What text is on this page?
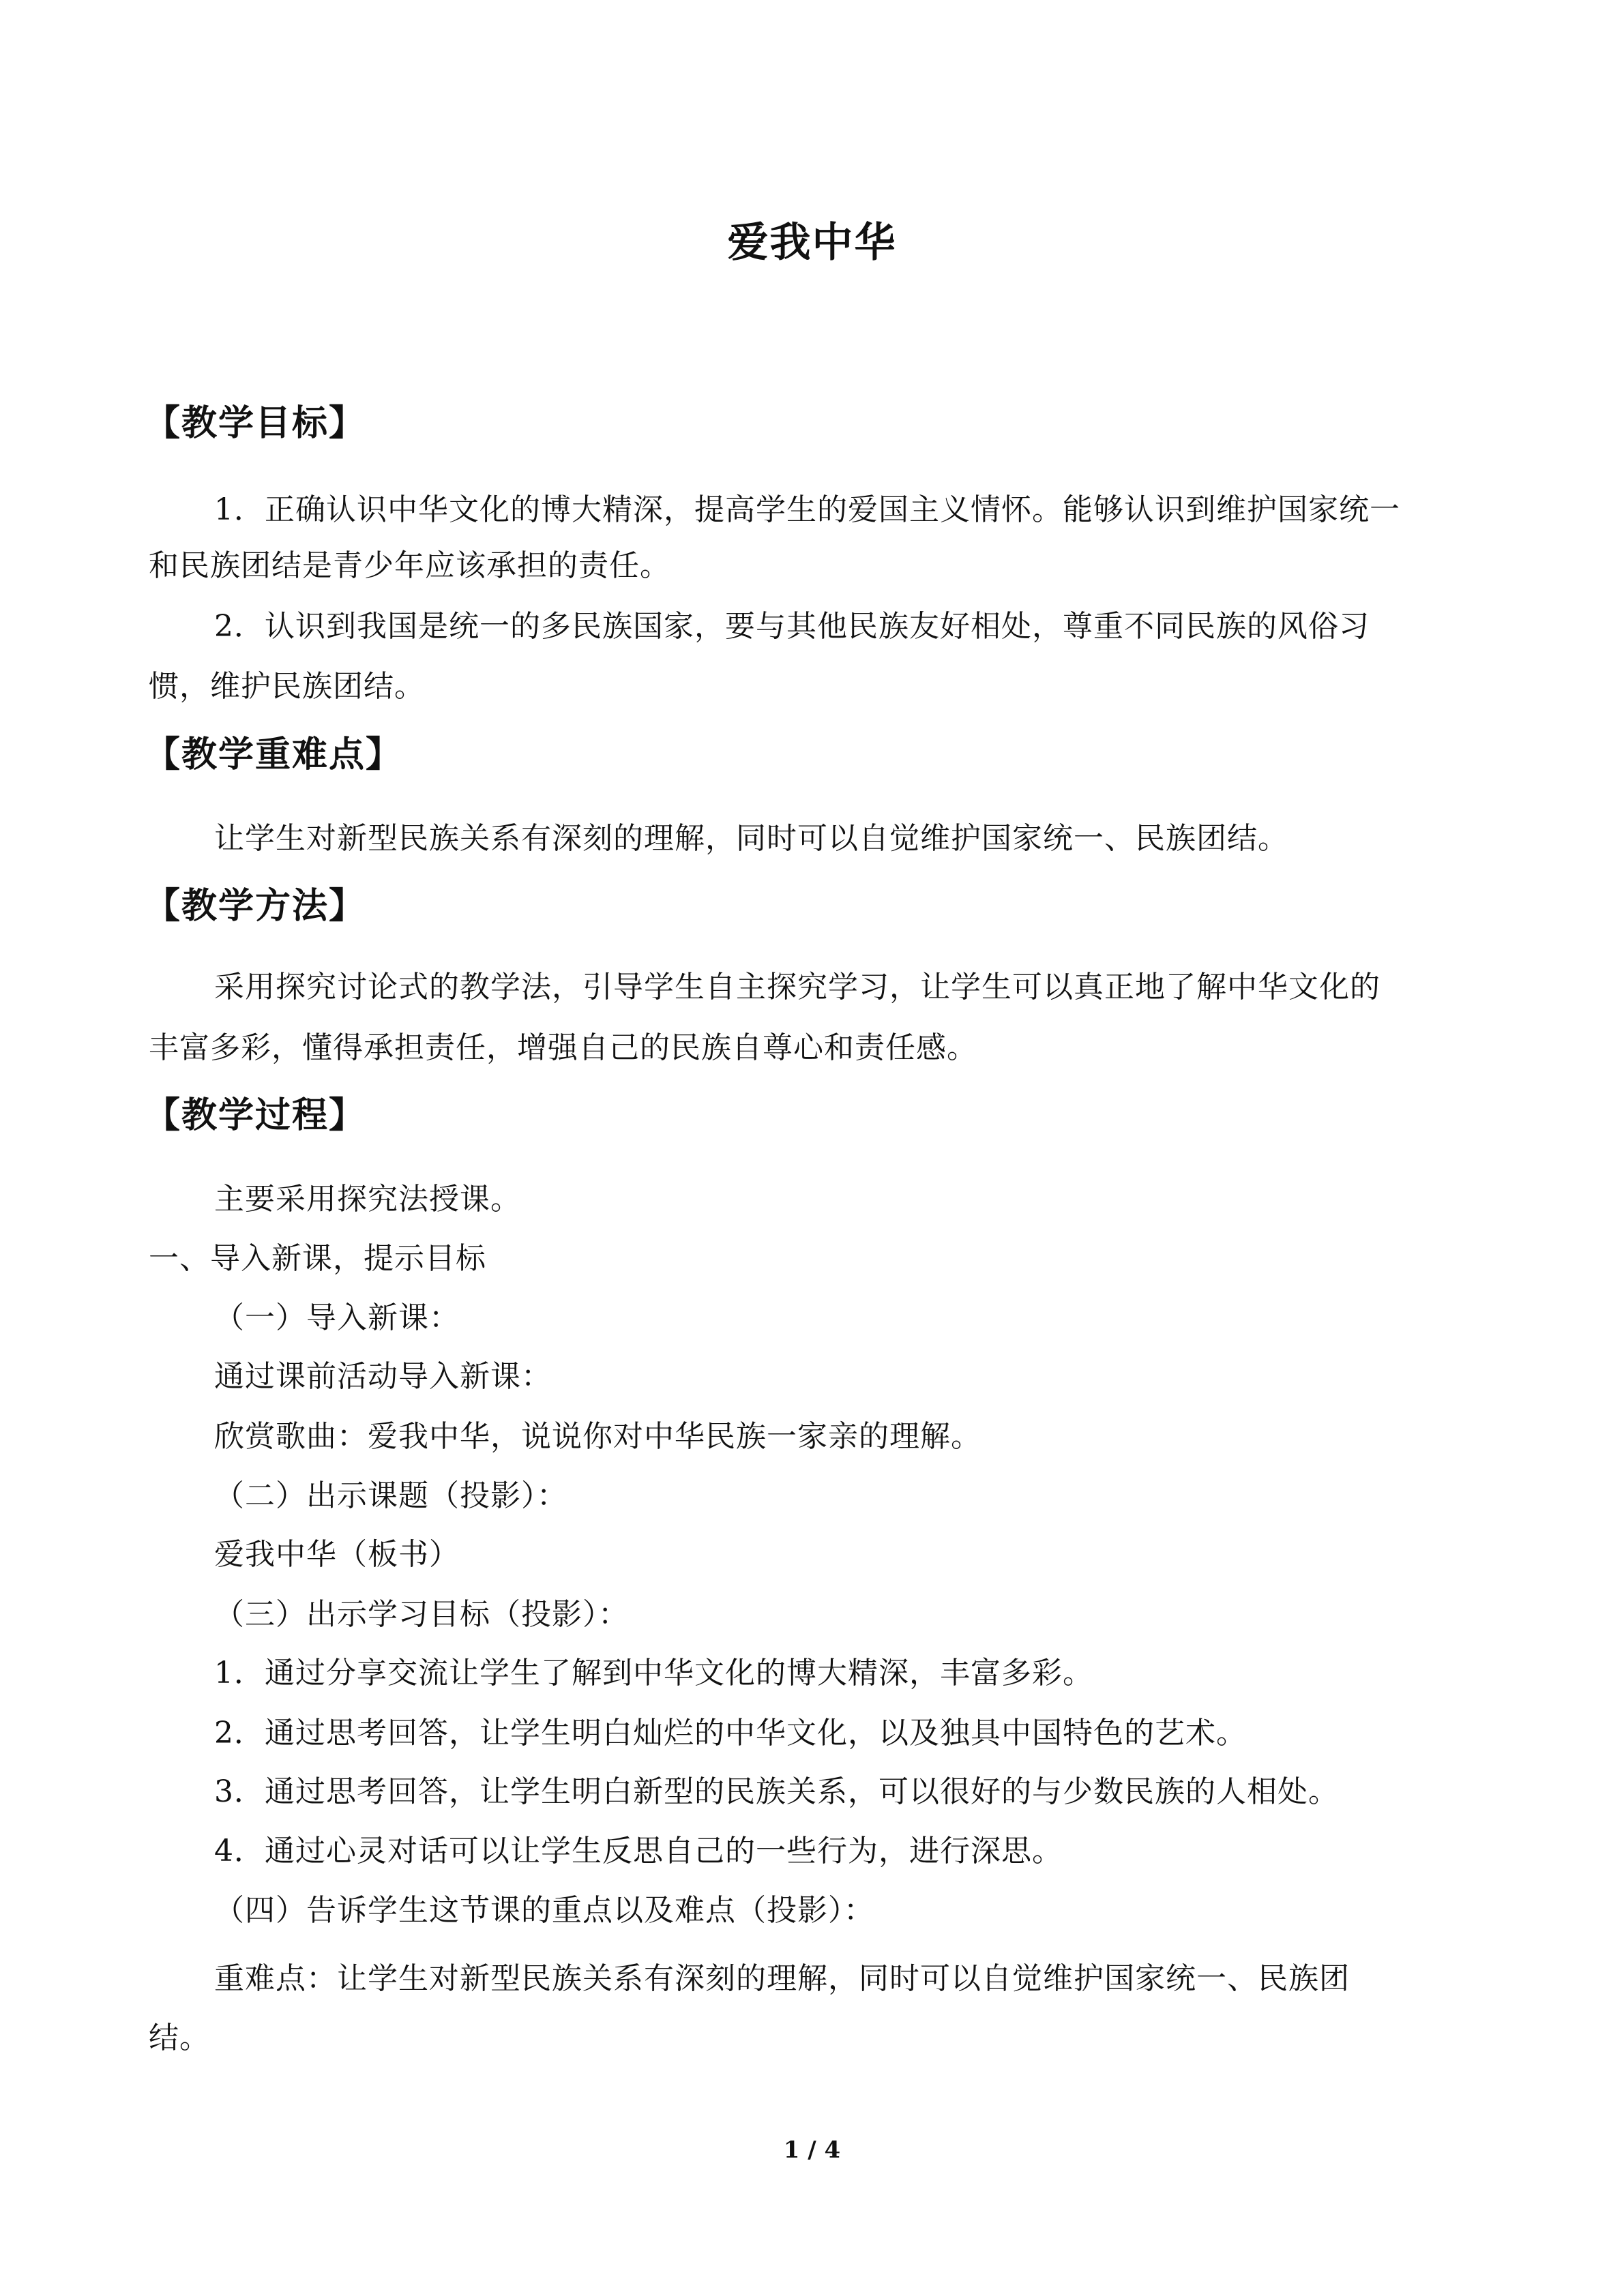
爱我中华
【教学目标】
1．正确认识中华文化的博大精深，提高学生的爱国主义情怀。能够认识到维护国家统一
和民族团结是青少年应该承担的责任。
2．认识到我国是统一的多民族国家，要与其他民族友好相处，尊重不同民族的风俗习
惯，维护民族团结。
【教学重难点】
让学生对新型民族关系有深刻的理解，同时可以自觉维护国家统一、民族团结。
【教学方法】
采用探究讨论式的教学法，引导学生自主探究学习，让学生可以真正地了解中华文化的
丰富多彩，懂得承担责任，增强自己的民族自尊心和责任感。
【教学过程】
主要采用探究法授课。
一、导入新课，提示目标
（一）导入新课：
通过课前活动导入新课：
欣赏歌曲：爱我中华，说说你对中华民族一家亲的理解。
（二）出示课题（投影）：
爱我中华（板书）
（三）出示学习目标（投影）：
1．通过分享交流让学生了解到中华文化的博大精深，丰富多彩。
2．通过思考回答，让学生明白灿烂的中华文化，以及独具中国特色的艺术。
3．通过思考回答，让学生明白新型的民族关系，可以很好的与少数民族的人相处。
4．通过心灵对话可以让学生反思自己的一些行为，进行深思。
（四）告诉学生这节课的重点以及难点（投影）：
重难点：让学生对新型民族关系有深刻的理解，同时可以自觉维护国家统一、民族团
结。
1 / 4
